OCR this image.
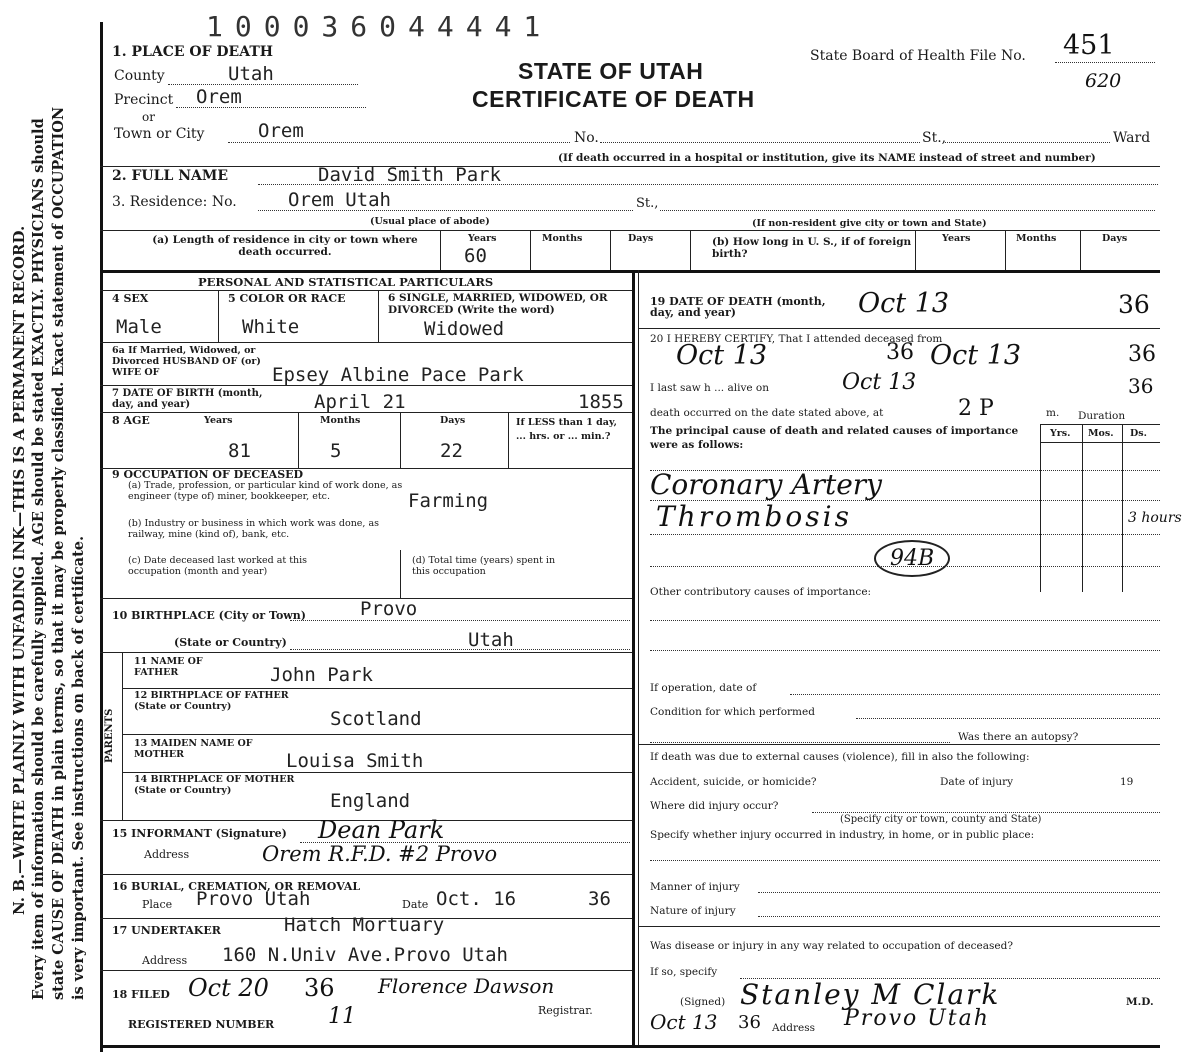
100036044441
N. B.—WRITE PLAINLY WITH UNFADING INK—THIS IS A PERMANENT RECORD. Every item of information should be carefully supplied. AGE should be stated EXACTLY. PHYSICIANS should state CAUSE OF DEATH in plain terms, so that it may be properly classified. Exact statement of OCCUPATION is very important. See instructions on back of certificate.
1. PLACE OF DEATH
STATE OF UTAH
CERTIFICATE OF DEATH
State Board of Health File No. 451
620
County	Utah
Precinct Orem
or
Town or City	Orem	No.	St.,	Ward
(If death occurred in a hospital or institution, give its NAME instead of street and number)
2. FULL NAME	David Smith Park
3. Residence: No.	Orem Utah	St.,
(Usual place of abode)	(If non-resident give city or town and State)
(a) Length of residence in city or town where death occurred.
Years	Months	Days
60
(b) How long in U. S., if of foreign birth?
Years	Months	Days
PERSONAL AND STATISTICAL PARTICULARS
4 SEX
Male
5 COLOR OR RACE
White
6 SINGLE, MARRIED, WIDOWED, OR DIVORCED (Write the word)
Widowed
6a If Married, Widowed, or Divorced HUSBAND OF (or) WIFE OF	Epsey Albine Pace Park
7 DATE OF BIRTH (month, day, and year)	April 21	1855
8 AGE	Years	Months	Days
81	5	22
If LESS than 1 day, ... hrs. or ... min.?
9 OCCUPATION OF DECEASED
(a) Trade, profession, or particular kind of work done, as engineer (type of) miner, bookkeeper, etc.	Farming
(b) Industry or business in which work was done, as railway, mine (kind of), bank, etc.
(c) Date deceased last worked at this occupation (month and year)
(d) Total time (years) spent in this occupation
10 BIRTHPLACE (City or Town)	Provo
(State or Country)	Utah
PARENTS
11 NAME OF FATHER	John Park
12 BIRTHPLACE OF FATHER (State or Country)
Scotland
13 MAIDEN NAME OF MOTHER	Louisa Smith
14 BIRTHPLACE OF MOTHER (State or Country)	England
15 INFORMANT (Signature) Dean Park
Address	Orem R.F.D. #2 Provo
16 BURIAL, CREMATION, OR REMOVAL
Place Provo Utah	Date Oct. 16	36
17 UNDERTAKER	Hatch Mortuary
Address 160 N.Univ Ave.Provo Utah
18 FILED Oct 20 36 Florence Dawson
Registrar.
REGISTERED NUMBER 11
19 DATE OF DEATH (month, day, and year)	Oct 13	36
20 I HEREBY CERTIFY, That I attended deceased from
Oct 13	36 Oct 13	36
I last saw h ... alive on	Oct 13	36
death occurred on the date stated above, at	2 P	m. Duration
The principal cause of death and related causes of importance were as follows:
Yrs. Mos. Ds.
Coronary Artery
Thrombosis	3 hours
94B
Other contributory causes of importance:
If operation, date of
Condition for which performed
Was there an autopsy?
If death was due to external causes (violence), fill in also the following:
Accident, suicide, or homicide?	Date of injury	19
Where did injury occur?
(Specify city or town, county and State)
Specify whether injury occurred in industry, in home, or in public place:
Manner of injury
Nature of injury
Was disease or injury in any way related to occupation of deceased?
If so, specify
(Signed) Stanley M Clark	M.D.
Oct 13 36 Address Provo Utah
